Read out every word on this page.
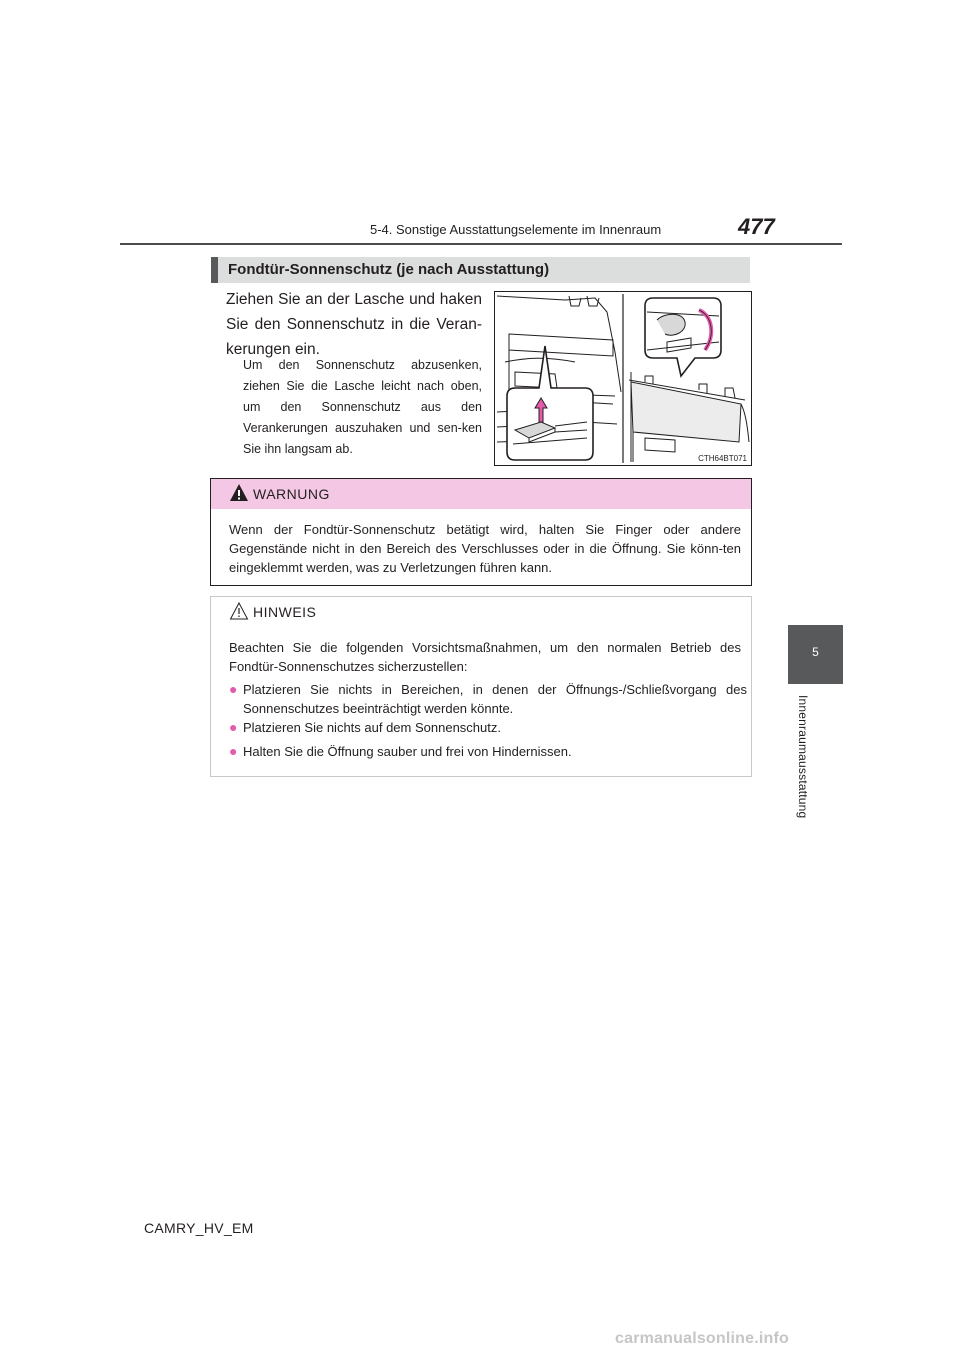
5-4. Sonstige Ausstattungselemente im Innenraum	477
5
Innenraumausstattung
Fondtür-Sonnenschutz (je nach Ausstattung)
Ziehen Sie an der Lasche und haken Sie den Sonnenschutz in die Veran-kerungen ein.
Um den Sonnenschutz abzusenken, ziehen Sie die Lasche leicht nach oben, um den Sonnenschutz aus den Verankerungen auszuhaken und sen-ken Sie ihn langsam ab.
CTH64BT071
WARNUNG
Wenn der Fondtür-Sonnenschutz betätigt wird, halten Sie Finger oder andere Gegenstände nicht in den Bereich des Verschlusses oder in die Öffnung. Sie könn-ten eingeklemmt werden, was zu Verletzungen führen kann.
HINWEIS
Beachten Sie die folgenden Vorsichtsmaßnahmen, um den normalen Betrieb des Fondtür-Sonnenschutzes sicherzustellen:
● Platzieren Sie nichts in Bereichen, in denen der Öffnungs-/Schließvorgang des Sonnenschutzes beeinträchtigt werden könnte.
● Platzieren Sie nichts auf dem Sonnenschutz.
● Halten Sie die Öffnung sauber und frei von Hindernissen.
CAMRY_HV_EM
carmanualsonline.info
